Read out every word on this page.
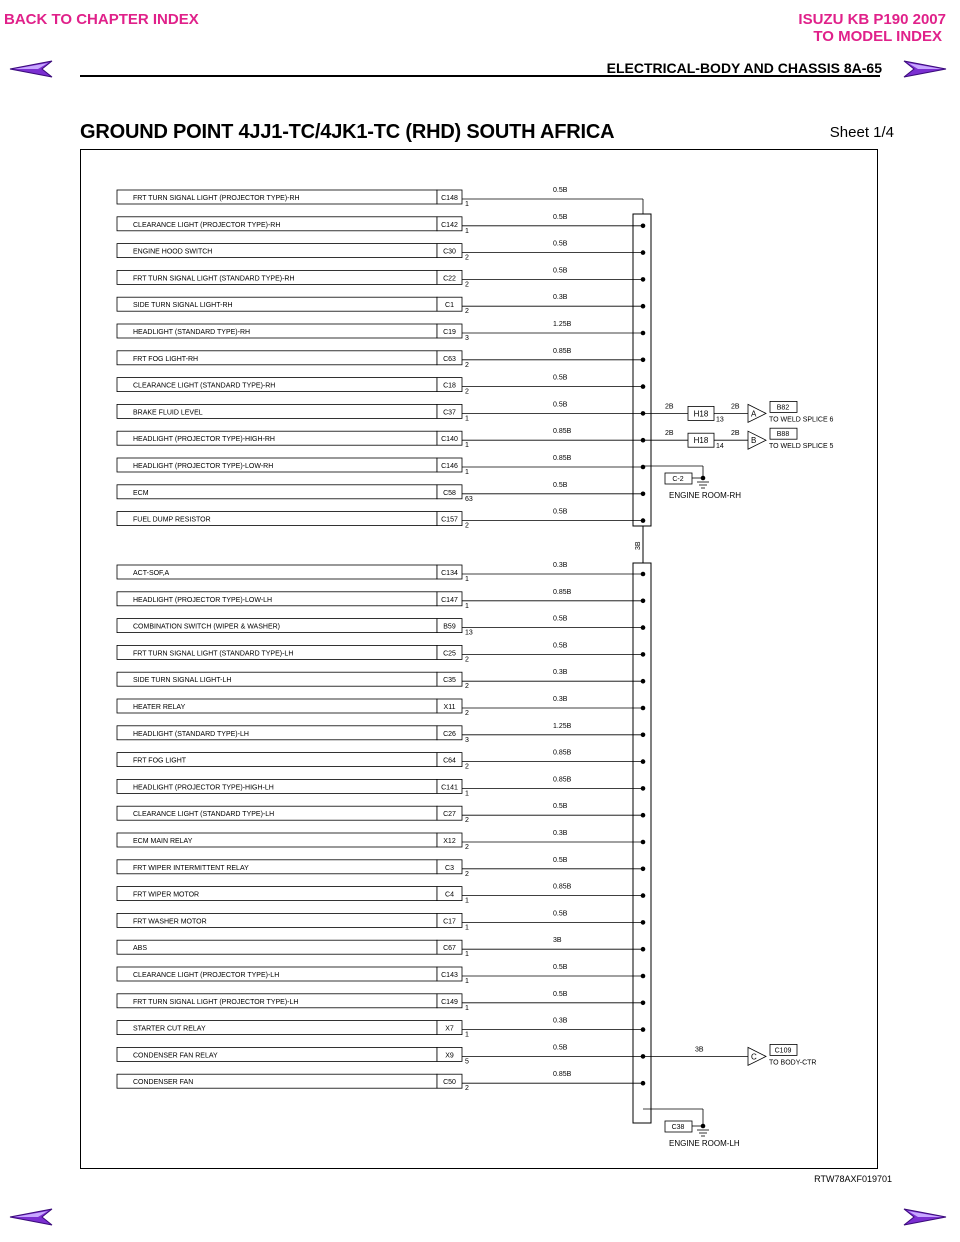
BACK TO CHAPTER INDEX	ISUZU KB P190 2007
TO MODEL INDEX
ELECTRICAL-BODY AND CHASSIS 8A-65
GROUND POINT 4JJ1-TC/4JK1-TC (RHD) SOUTH AFRICA	Sheet 1/4
3B
FRT TURN SIGNAL LIGHT (PROJECTOR TYPE)-RH	C148
1
0.5B
CLEARANCE LIGHT (PROJECTOR TYPE)-RH	C142
1
0.5B
ENGINE HOOD SWITCH	C30
2
0.5B
FRT TURN SIGNAL LIGHT (STANDARD TYPE)-RH	C22
2
0.5B
SIDE TURN SIGNAL LIGHT-RH	C1
2
0.3B
HEADLIGHT (STANDARD TYPE)-RH	C19
3
1.25B
FRT FOG LIGHT-RH	C63
2
0.85B
CLEARANCE LIGHT (STANDARD TYPE)-RH	C18
2
0.5B
BRAKE FLUID LEVEL	C37
1
0.5B
HEADLIGHT (PROJECTOR TYPE)-HIGH-RH	C140
1
0.85B
HEADLIGHT (PROJECTOR TYPE)-LOW-RH	C146
1
0.85B
ECM	C58
63
0.5B
FUEL DUMP RESISTOR	C157
2
0.5B
ACT-SOF,A	C134
1
0.3B
HEADLIGHT (PROJECTOR TYPE)-LOW-LH	C147
1
0.85B
COMBINATION SWITCH (WIPER & WASHER)	B59
13
0.5B
FRT TURN SIGNAL LIGHT (STANDARD TYPE)-LH	C25
2
0.5B
SIDE TURN SIGNAL LIGHT-LH	C35
2
0.3B
HEATER RELAY	X11
2
0.3B
HEADLIGHT (STANDARD TYPE)-LH	C26
3
1.25B
FRT FOG LIGHT	C64
2
0.85B
HEADLIGHT (PROJECTOR TYPE)-HIGH-LH	C141
1
0.85B
CLEARANCE LIGHT (STANDARD TYPE)-LH	C27
2
0.5B
ECM MAIN RELAY	X12
2
0.3B
FRT WIPER INTERMITTENT RELAY	C3
2
0.5B
FRT WIPER MOTOR	C4
1
0.85B
FRT WASHER MOTOR	C17
1
0.5B
ABS	C67
1
3B
CLEARANCE LIGHT (PROJECTOR TYPE)-LH	C143
1
0.5B
FRT TURN SIGNAL LIGHT (PROJECTOR TYPE)-LH	C149
1
0.5B
STARTER CUT RELAY	X7
1
0.3B
CONDENSER FAN RELAY	X9
5
0.5B
CONDENSER FAN	C50
2
0.85B
2B
H18
13
2B
A
B82
TO WELD SPLICE 6
2B
H18
14
2B
B
B88
TO WELD SPLICE 5
3B
C
C109
TO BODY-CTR
C-2
ENGINE ROOM-RH
C38
ENGINE ROOM-LH
RTW78AXF019701
